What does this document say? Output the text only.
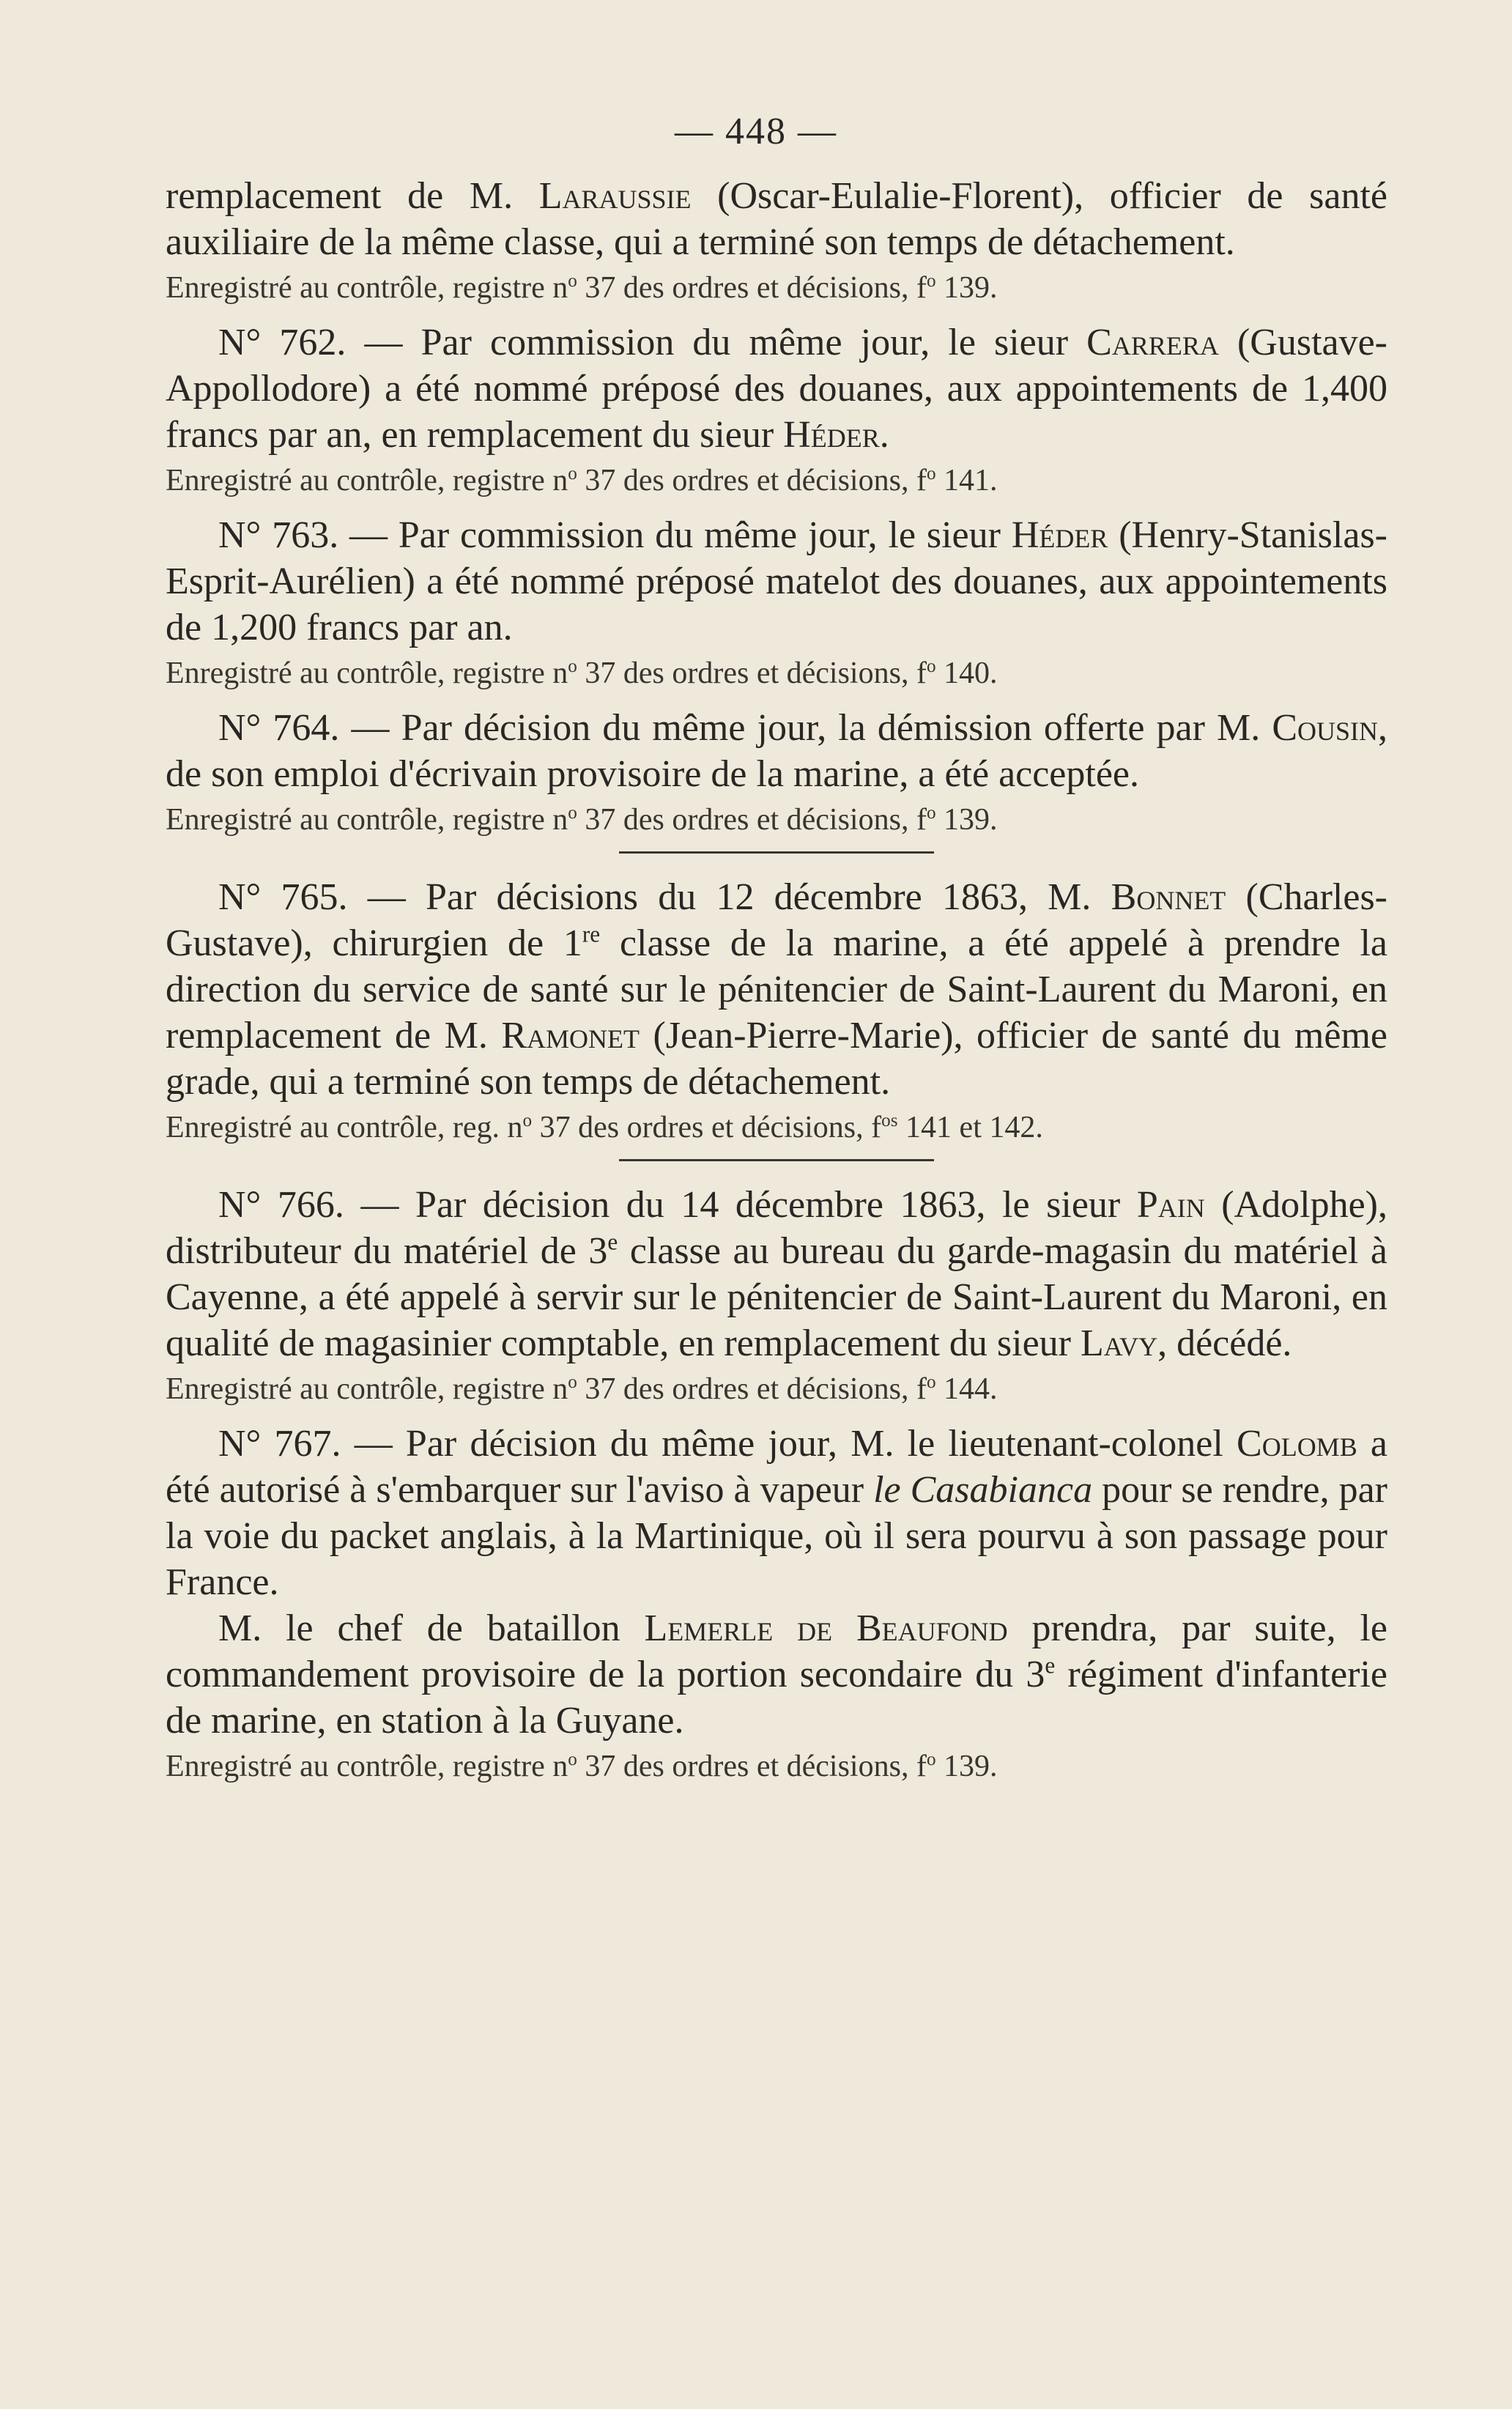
— 448 —

remplacement de M. Laraussie (Oscar-Eulalie-Florent), officier de santé auxiliaire de la même classe, qui a terminé son temps de détachement.

Enregistré au contrôle, registre $n^o$ 37 des ordres et décisions, $f^o$ 139.

N° 762. — Par commission du même jour, le sieur Carrera (Gustave-Appollodore) a été nommé préposé des douanes, aux appointements de 1,400 francs par an, en remplacement du sieur Héder.

Enregistré au contrôle, registre $n^o$ 37 des ordres et décisions, $f^o$ 141.

N° 763. — Par commission du même jour, le sieur Héder (Henry-Stanislas-Esprit-Aurélien) a été nommé préposé matelot des douanes, aux appointements de 1,200 francs par an.

Enregistré au contrôle, registre $n^o$ 37 des ordres et décisions, $f^o$ 140.

N° 764. — Par décision du même jour, la démission offerte par M. Cousin, de son emploi d'écrivain provisoire de la marine, a été acceptée.

Enregistré au contrôle, registre $n^o$ 37 des ordres et décisions, $f^o$ 139.

N° 765. — Par décisions du 12 décembre 1863, M. Bonnet (Charles-Gustave), chirurgien de 1re classe de la marine, a été appelé à prendre la direction du service de santé sur le pénitencier de Saint-Laurent du Maroni, en remplacement de M. Ramonet (Jean-Pierre-Marie), officier de santé du même grade, qui a terminé son temps de détachement.

Enregistré au contrôle, reg. $n^o$ 37 des ordres et décisions, $f^{os}$ 141 et 142.

N° 766. — Par décision du 14 décembre 1863, le sieur Pain (Adolphe), distributeur du matériel de 3e classe au bureau du garde-magasin du matériel à Cayenne, a été appelé à servir sur le pénitencier de Saint-Laurent du Maroni, en qualité de magasinier comptable, en remplacement du sieur Lavy, décédé.

Enregistré au contrôle, registre $n^o$ 37 des ordres et décisions, $f^o$ 144.

N° 767. — Par décision du même jour, M. le lieutenant-colonel Colomb a été autorisé à s'embarquer sur l'aviso à vapeur le Casabianca pour se rendre, par la voie du packet anglais, à la Martinique, où il sera pourvu à son passage pour France.

M. le chef de bataillon Lemerle de Beaufond prendra, par suite, le commandement provisoire de la portion secondaire du 3e régiment d'infanterie de marine, en station à la Guyane.

Enregistré au contrôle, registre $n^o$ 37 des ordres et décisions, $f^o$ 139.
